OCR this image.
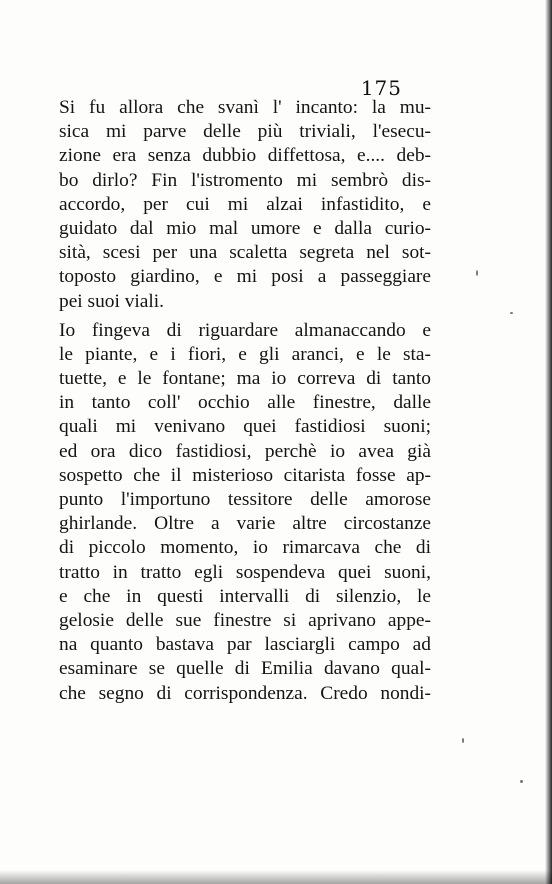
175
Si fu allora che svanì l' incanto: la mu-
sica mi parve delle più triviali, l'esecu-
zione era senza dubbio diffettosa, e.... deb-
bo dirlo? Fin l'istromento mi sembrò dis-
accordo, per cui mi alzai infastidito, e
guidato dal mio mal umore e dalla curio-
sità, scesi per una scaletta segreta nel sot-
toposto giardino, e mi posi a passeggiare
pei suoi viali.
Io fingeva di riguardare almanaccando e
le piante, e i fiori, e gli aranci, e le sta-
tuette, e le fontane; ma io correva di tanto
in tanto coll' occhio alle finestre, dalle
quali mi venivano quei fastidiosi suoni;
ed ora dico fastidiosi, perchè io avea già
sospetto che il misterioso citarista fosse ap-
punto l'importuno tessitore delle amorose
ghirlande. Oltre a varie altre circostanze
di piccolo momento, io rimarcava che di
tratto in tratto egli sospendeva quei suoni,
e che in questi intervalli di silenzio, le
gelosie delle sue finestre si aprivano appe-
na quanto bastava par lasciargli campo ad
esaminare se quelle di Emilia davano qual-
che segno di corrispondenza. Credo nondi-
